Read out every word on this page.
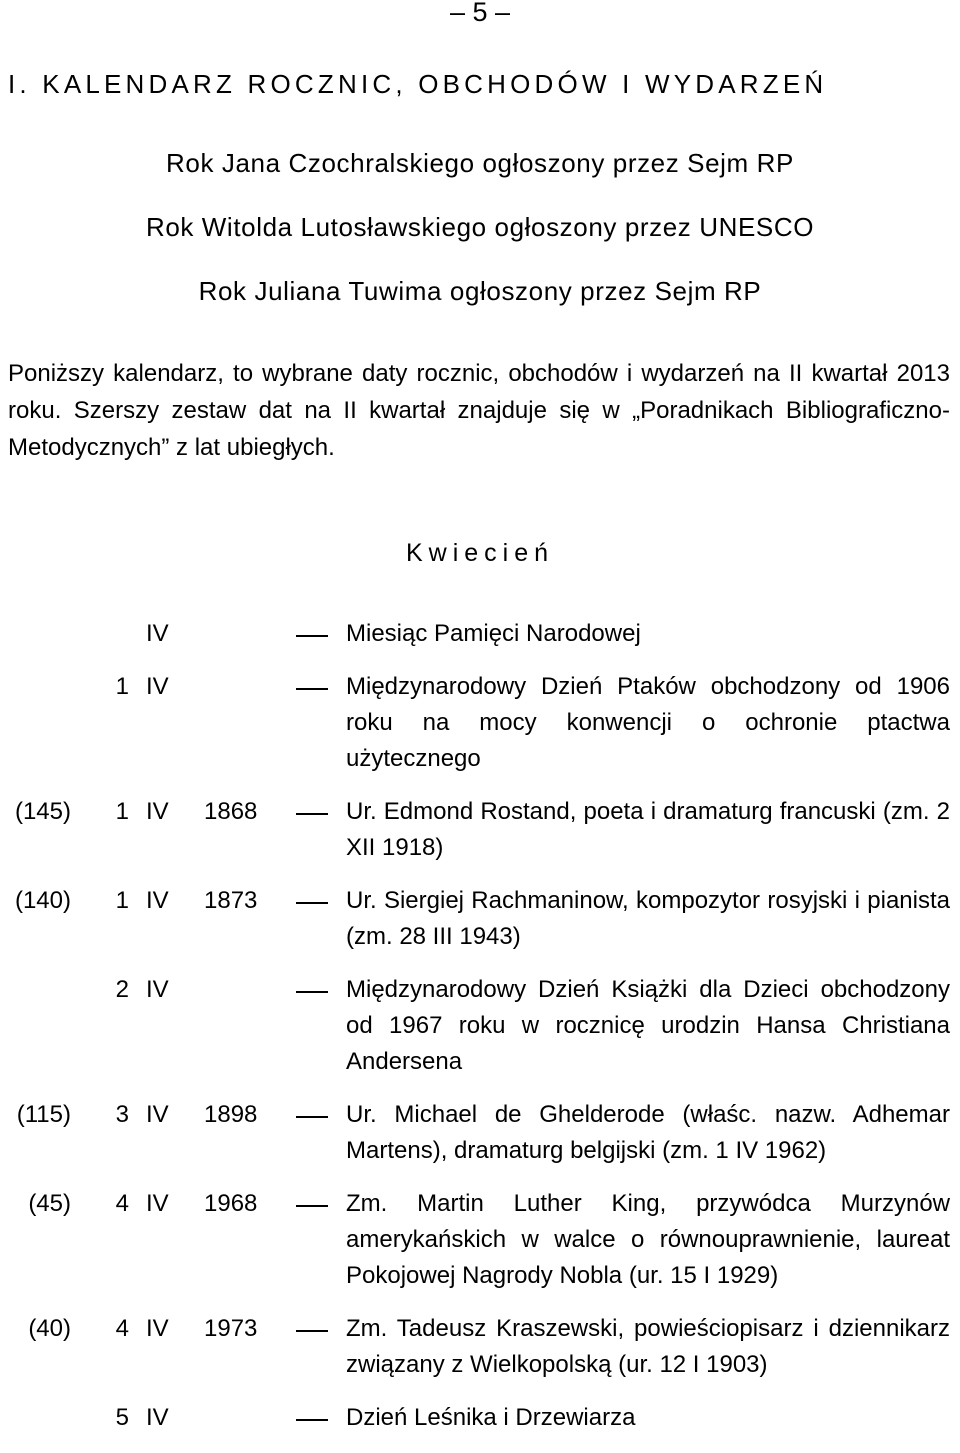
– 5 –
I. KALENDARZ ROCZNIC, OBCHODÓW I WYDARZEŃ
Rok Jana Czochralskiego ogłoszony przez Sejm RP
Rok Witolda Lutosławskiego ogłoszony przez UNESCO
Rok Juliana Tuwima ogłoszony przez Sejm RP
Poniższy kalendarz, to wybrane daty rocznic, obchodów i wydarzeń na II kwartał 2013 roku. Szerszy zestaw dat na II kwartał znajduje się w „Poradnikach Bibliograficzno-Metodycznych” z lat ubiegłych.
Kwiecień
IV	Miesiąc Pamięci Narodowej
1 IV	Międzynarodowy Dzień Ptaków obchodzony od 1906 roku na mocy konwencji o ochronie ptactwa użytecznego
(145) 1 IV 1868	Ur. Edmond Rostand, poeta i dramaturg francuski (zm. 2 XII 1918)
(140) 1 IV 1873	Ur. Siergiej Rachmaninow, kompozytor rosyjski i pianista (zm. 28 III 1943)
2 IV	Międzynarodowy Dzień Książki dla Dzieci obchodzony od 1967 roku w rocznicę urodzin Hansa Christiana Andersena
(115) 3 IV 1898	Ur. Michael de Ghelderode (właśc. nazw. Adhemar Martens), dramaturg belgijski (zm. 1 IV 1962)
(45) 4 IV 1968	Zm. Martin Luther King, przywódca Murzynów amerykańskich w walce o równouprawnienie, laureat Pokojowej Nagrody Nobla (ur. 15 I 1929)
(40) 4 IV 1973	Zm. Tadeusz Kraszewski, powieściopisarz i dziennikarz związany z Wielkopolską (ur. 12 I 1903)
5 IV	Dzień Leśnika i Drzewiarza
